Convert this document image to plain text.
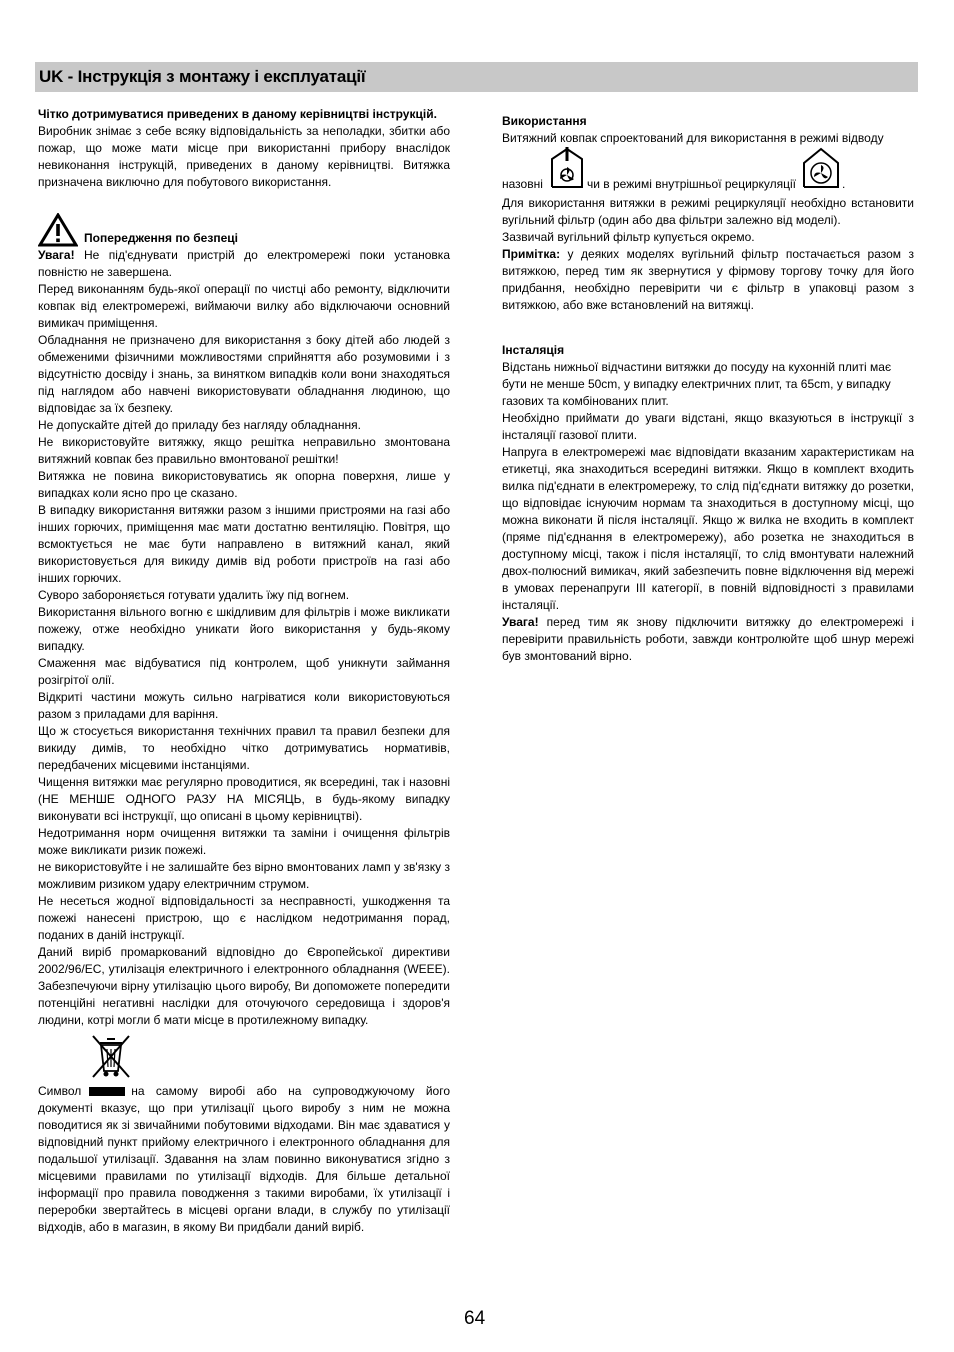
UK - Інструкція з монтажу і експлуатації

Чітко дотримуватися приведених в даному керівництві інструкцій.

Виробник знімає з себе всяку відповідальність за неполадки, збитки або пожар, що може мати місце при використанні прибору внаслідок невиконання інструкцій, приведених в даному керівництві. Витяжка призначена виключно для побутового використання.

Попередження по безпеці

Увага! Не під'єднувати пристрій до електромережі поки установка повністю не завершена.

Перед виконанням будь-якої операції по чистці або ремонту, відключити ковпак від електромережі, виймаючи вилку або відключаючи основний вимикач приміщення.

Обладнання не призначено для використання з боку дітей або людей з обмеженими фізичними можливостями сприйняття або розумовими і з відсутністю досвіду і знань, за винятком випадків коли вони знаходяться під наглядом або навчені використовувати обладнання людиною, що відповідає за їх безпеку.

Не допускайте дітей до приладу без нагляду обладнання.

Не використовуйте витяжку, якщо решітка неправильно змонтована витяжний ковпак без правильно вмонтованої решітки!

Витяжка не повина використовуватись як опорна поверхня, лише у випадках коли ясно про це сказано.

В випадку використання витяжки разом з іншими пристроями на газі або інших горючих, приміщення має мати достатню вентиляцію. Повітря, що всмоктується не має бути направлено в витяжний канал, який використовується для викиду димів від роботи пристроїв на газі або інших горючих.

Суворо забороняється готувати удалить їжу під вогнем.

Використання вільного вогню є шкідливим для фільтрів і може викликати пожежу, отже необхідно уникати його використання у будь-якому випадку.

Смаження має відбуватися під контролем, щоб уникнути займання розігрітої олії.

Відкриті частини можуть сильно нагріватися коли використовуються разом з приладами для варіння.

Що ж стосується використання технічних правил та правил безпеки для викиду димів, то необхідно чітко дотримуватись нормативів, передбачених місцевими інстанціями.

Чищення витяжки має регулярно проводитися, як всередині, так і назовні (НЕ МЕНШЕ ОДНОГО РАЗУ НА МІСЯЦЬ, в будь-якому випадку виконувати всі інструкції, що описані в цьому керівництві).

Недотримання норм очищення витяжки та заміни і очищення фільтрів може викликати ризик пожежі.

не використовуйте і не залишайте без вірно вмонтованих ламп у зв'язку з можливим ризиком удару електричним струмом.

Не несеться жодної відповідальності за несправності, ушкодження та пожежі нанесені пристрою, що є наслідком недотримання порад, поданих в даній інструкції.

Даний виріб промаркований відповідно до Європейської директиви 2002/96/ЕС, утилізація електричного і електронного обладнання (WEEE). Забезпечуючи вірну утилізацію цього виробу, Ви допоможете попередити потенційні негативні наслідки для оточуючого середовища і здоров'я людини, котрі могли б мати місце в протилежному випадку.

Символ	на самому виробі або на супроводжуючому його документі вказує, що при утилізації цього виробу з ним не можна поводитися як зі звичайними побутовими відходами. Він має здаватися у відповідний пункт прийому електричного і електронного обладнання для подальшої утилізації. Здавання на злам повинно виконуватися згідно з місцевими правилами по утилізації відходів. Для більше детальної інформації про правила поводження з такими виробами, їх утилізації і переробки звертайтесь в місцеві органи влади, в службу по утилізації відходів, або в магазин, в якому Ви придбали даний виріб.

Використання

Витяжний ковпак спроектований для використання в режимі відводу

назовні	чи в режимі внутрішньої рециркуляції	.

Для використання витяжки в режимі рециркуляції необхідно встановити вугільний фільтр (один або два фільтри залежно від моделі).

Зазвичай вугільний фільтр купується окремо.

Примітка: у деяких моделях вугільний фільтр постачається разом з витяжкою, перед тим як звернутися у фірмову торгову точку для його придбання, необхідно перевірити чи є фільтр в упаковці разом з витяжкою, або вже встановлений на витяжці.

Інсталяція

Відстань нижньої відчастини витяжки до посуду на кухонній плиті має бути не менше 50cm, у випадку електричних плит, та 65cm, у випадку газових та комбінованих плит.

Необхідно приймати до уваги відстані, якщо вказуються в інструкції з інсталяції газової плити.

Напруга в електромережі має відповідати вказаним характеристикам на етикетці, яка знаходиться всередині витяжки. Якщо в комплект входить вилка під'єднати в електромережу, то слід під'єднати витяжку до розетки, що відповідає існуючим нормам та знаходиться в доступному місці, що можна виконати й після інсталяції. Якщо ж вилка не входить в комплект (пряме під'єднання в електромережу), або розетка не знаходиться в доступному місці, також і після інсталяції, то слід вмонтувати належний двох-полюсний вимикач, який забезпечить повне відключення від мережі в умовах перенапруги III категорії, в повній відповідності з правилами інсталяції.

Увага! перед тим як знову підключити витяжку до електромережі і перевірити правильність роботи, завжди контролюйте щоб шнур мережі був змонтований вірно.

64
